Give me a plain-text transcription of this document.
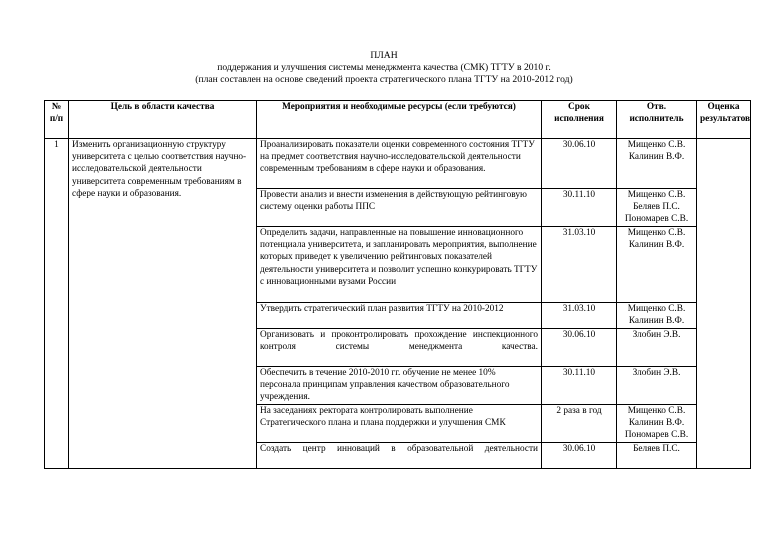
ПЛАН
поддержания и улучшения системы менеджмента качества (СМК) ТГТУ в 2010 г.
(план составлен на основе сведений проекта стратегического плана ТГТУ на 2010-2012 год)
№ п/п	Цель в области качества	Мероприятия и необходимые ресурсы (если требуются)	Срок исполнения	Отв. исполнитель	Оценка результатов
1	Изменить организационную структуру университета с целью соответствия научно-исследовательской деятельности университета современным требованиям в сфере науки и образования.	Проанализировать показатели оценки современного состояния ТГТУ на предмет соответствия научно-исследовательской деятельности современным требованиям в сфере науки и образования.	30.06.10	Мищенко С.В. Калинин В.Ф.	
		Провести анализ и внести изменения в действующую рейтинговую систему оценки работы ППС	30.11.10	Мищенко С.В. Беляев П.С. Пономарев С.В.	
		Определить задачи, направленные на повышение инновационного потенциала университета, и запланировать мероприятия, выполнение которых приведет к увеличению рейтинговых показателей деятельности университета и позволит успешно конкурировать ТГТУ с инновационными вузами России	31.03.10	Мищенко С.В. Калинин В.Ф.	
		Утвердить стратегический план развития ТГТУ на 2010-2012	31.03.10	Мищенко С.В. Калинин В.Ф.	
		Организовать и проконтролировать прохождение инспекционного контроля системы менеджмента качества.	30.06.10	Злобин Э.В.	
		Обеспечить в течение 2010-2010 гг. обучение не менее 10% персонала принципам управления качеством образовательного учреждения.	30.11.10	Злобин Э.В.	
		На заседаниях ректората контролировать выполнение Стратегического плана и плана поддержки и улучшения СМК	2 раза в год	Мищенко С.В. Калинин В.Ф. Пономарев С.В.	
		Создать центр инноваций в образовательной деятельности	30.06.10	Беляев П.С.	
